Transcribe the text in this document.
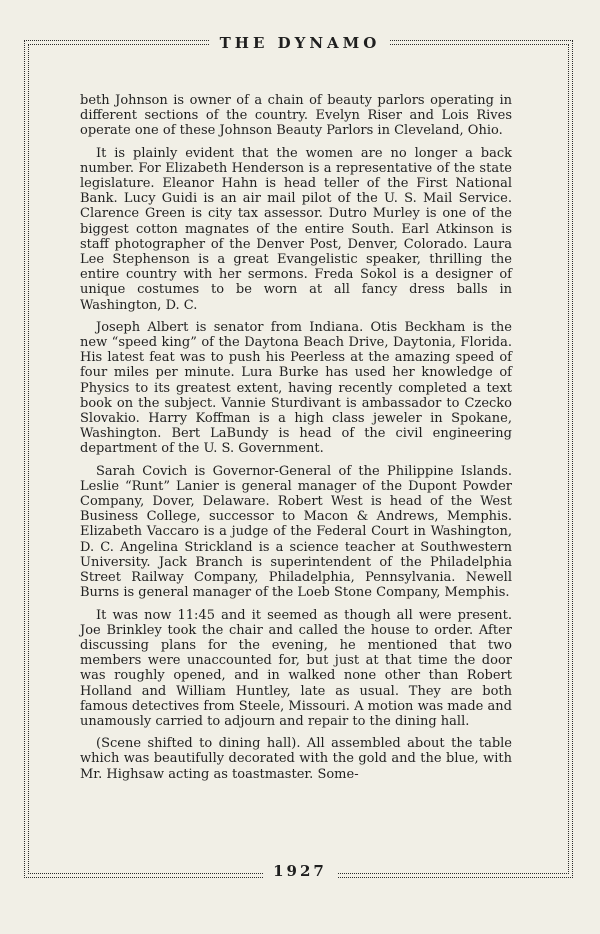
THE DYNAMO

beth Johnson is owner of a chain of beauty parlors operating in different sections of the country. Evelyn Riser and Lois Rives operate one of these Johnson Beauty Parlors in Cleveland, Ohio.

It is plainly evident that the women are no longer a back number. For Elizabeth Henderson is a representative of the state legislature. Eleanor Hahn is head teller of the First National Bank. Lucy Guidi is an air mail pilot of the U. S. Mail Service. Clarence Green is city tax assessor. Dutro Murley is one of the biggest cotton magnates of the entire South. Earl Atkinson is staff photographer of the Denver Post, Denver, Colorado. Laura Lee Stephenson is a great Evangelistic speaker, thrilling the entire country with her sermons. Freda Sokol is a designer of unique costumes to be worn at all fancy dress balls in Washington, D. C.

Joseph Albert is senator from Indiana. Otis Beckham is the new “speed king” of the Daytona Beach Drive, Daytonia, Florida. His latest feat was to push his Peerless at the amazing speed of four miles per minute. Lura Burke has used her knowledge of Physics to its greatest extent, having recently completed a text book on the subject. Vannie Sturdivant is ambassador to Czecko Slovakio. Harry Koffman is a high class jeweler in Spokane, Washington. Bert LaBundy is head of the civil engineering department of the U. S. Government.

Sarah Covich is Governor-General of the Philippine Islands. Leslie “Runt” Lanier is general manager of the Dupont Powder Company, Dover, Delaware. Robert West is head of the West Business College, successor to Macon & Andrews, Memphis. Elizabeth Vaccaro is a judge of the Federal Court in Washington, D. C. Angelina Strickland is a science teacher at Southwestern University. Jack Branch is superintendent of the Philadelphia Street Railway Company, Philadelphia, Pennsylvania. Newell Burns is general manager of the Loeb Stone Company, Memphis.

It was now 11:45 and it seemed as though all were present. Joe Brinkley took the chair and called the house to order. After discussing plans for the evening, he mentioned that two members were unaccounted for, but just at that time the door was roughly opened, and in walked none other than Robert Holland and William Huntley, late as usual. They are both famous detectives from Steele, Missouri. A motion was made and unamously carried to adjourn and repair to the dining hall.

(Scene shifted to dining hall). All assembled about the table which was beautifully decorated with the gold and the blue, with Mr. Highsaw acting as toastmaster. Some-

1927
